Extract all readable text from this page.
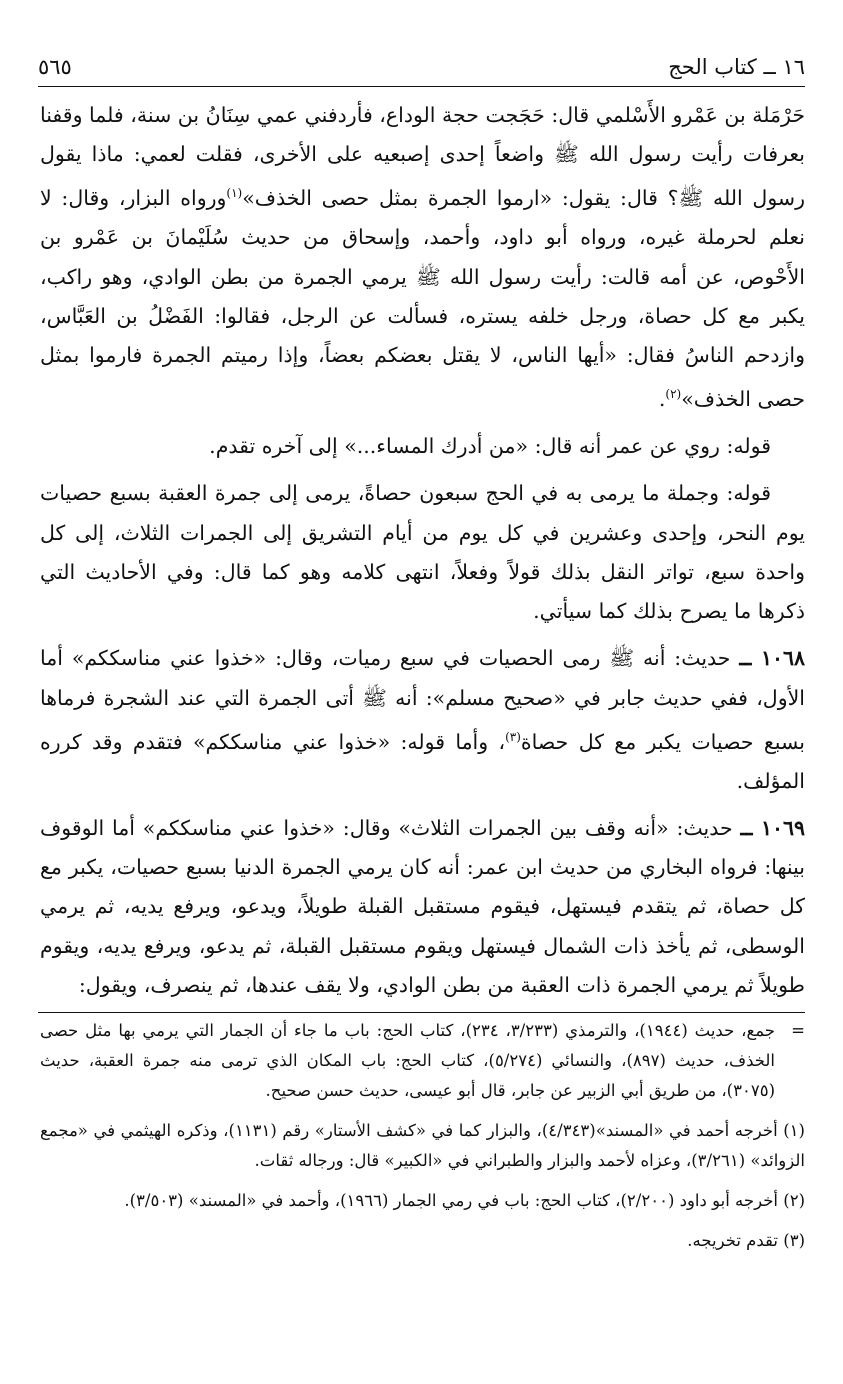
١٦ ــ كتاب الحج
٥٦٥

حَرْمَلة بن عَمْرو الأَسْلمي قال: حَجَجت حجة الوداع، فأردفني عمي سِنَانُ بن سنة، فلما وقفنا بعرفات رأيت رسول الله ﷺ واضعاً إحدى إصبعيه على الأخرى، فقلت لعمي: ماذا يقول رسول الله ﷺ؟ قال: يقول: «ارموا الجمرة بمثل حصى الخذف»$^{(١)}$ورواه البزار، وقال: لا نعلم لحرملة غيره، ورواه أبو داود، وأحمد، وإسحاق من حديث سُلَيْمانَ بن عَمْرو بن الأَحْوص، عن أمه قالت: رأيت رسول الله ﷺ يرمي الجمرة من بطن الوادي، وهو راكب، يكبر مع كل حصاة، ورجل خلفه يستره، فسألت عن الرجل، فقالوا: الفَضْلُ بن العَبَّاس، وازدحم الناسُ فقال: «أيها الناس، لا يقتل بعضكم بعضاً، وإذا رميتم الجمرة فارموا بمثل حصى الخذف»$^{(٢)}$.

قوله: روي عن عمر أنه قال: «من أدرك المساء...» إلى آخره تقدم.

قوله: وجملة ما يرمى به في الحج سبعون حصاةً، يرمى إلى جمرة العقبة بسبع حصيات يوم النحر، وإحدى وعشرين في كل يوم من أيام التشريق إلى الجمرات الثلاث، إلى كل واحدة سبع، تواتر النقل بذلك قولاً وفعلاً، انتهى كلامه وهو كما قال: وفي الأحاديث التي ذكرها ما يصرح بذلك كما سيأتي.

١٠٦٨ ــ حديث: أنه ﷺ رمى الحصيات في سبع رميات، وقال: «خذوا عني مناسككم» أما الأول، ففي حديث جابر في «صحيح مسلم»: أنه ﷺ أتى الجمرة التي عند الشجرة فرماها بسبع حصيات يكبر مع كل حصاة$^{(٣)}$، وأما قوله: «خذوا عني مناسككم» فتقدم وقد كرره المؤلف.

١٠٦٩ ــ حديث: «أنه وقف بين الجمرات الثلاث» وقال: «خذوا عني مناسككم» أما الوقوف بينها: فرواه البخاري من حديث ابن عمر: أنه كان يرمي الجمرة الدنيا بسبع حصيات، يكبر مع كل حصاة، ثم يتقدم فيستهل، فيقوم مستقبل القبلة طويلاً، ويدعو، ويرفع يديه، ثم يرمي الوسطى، ثم يأخذ ذات الشمال فيستهل ويقوم مستقبل القبلة، ثم يدعو، ويرفع يديه، ويقوم طويلاً ثم يرمي الجمرة ذات العقبة من بطن الوادي، ولا يقف عندها، ثم ينصرف، ويقول:

=
جمع، حديث (١٩٤٤)، والترمذي (٣/٢٣٣، ٢٣٤)، كتاب الحج: باب ما جاء أن الجمار التي يرمي بها مثل حصى الخذف، حديث (٨٩٧)، والنسائي (٥/٢٧٤)، كتاب الحج: باب المكان الذي ترمى منه جمرة العقبة، حديث (٣٠٧٥)، من طريق أبي الزبير عن جابر، قال أبو عيسى، حديث حسن صحيح.

(١) أخرجه أحمد في «المسند»(٤/٣٤٣)، والبزار كما في «كشف الأستار» رقم (١١٣١)، وذكره الهيثمي في «مجمع الزوائد» (٣/٢٦١)، وعزاه لأحمد والبزار والطبراني في «الكبير» قال: ورجاله ثقات.

(٢) أخرجه أبو داود (٢/٢٠٠)، كتاب الحج: باب في رمي الجمار (١٩٦٦)، وأحمد في «المسند» (٣/٥٠٣).

(٣) تقدم تخريجه.
